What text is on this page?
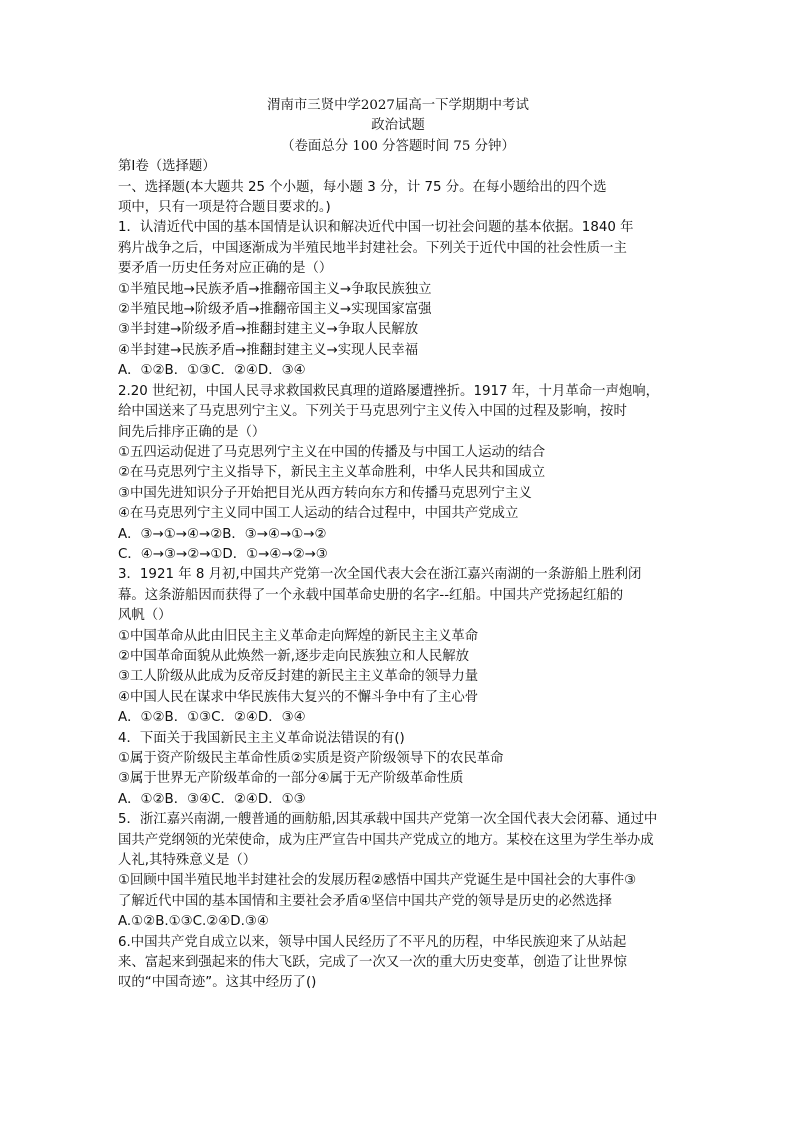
渭南市三贤中学2027届高一下学期期中考试
政治试题
（卷面总分 100 分答题时间 75 分钟）
第Ⅰ卷（选择题）
一、选择题(本大题共 25 个小题，每小题 3 分，计 75 分。在每小题给出的四个选
项中，只有一项是符合题目要求的。)
1．认清近代中国的基本国情是认识和解决近代中国一切社会问题的基本依据。1840 年
鸦片战争之后，中国逐渐成为半殖民地半封建社会。下列关于近代中国的社会性质一主
要矛盾一历史任务对应正确的是（）
①半殖民地→民族矛盾→推翻帝国主义→争取民族独立
②半殖民地→阶级矛盾→推翻帝国主义→实现国家富强
③半封建→阶级矛盾→推翻封建主义→争取人民解放
④半封建→民族矛盾→推翻封建主义→实现人民幸福
A．①②B．①③C．②④D．③④
2.20 世纪初，中国人民寻求救国救民真理的道路屡遭挫折。1917 年，十月革命一声炮响，
给中国送来了马克思列宁主义。下列关于马克思列宁主义传入中国的过程及影响，按时
间先后排序正确的是（）
①五四运动促进了马克思列宁主义在中国的传播及与中国工人运动的结合
②在马克思列宁主义指导下，新民主主义革命胜利，中华人民共和国成立
③中国先进知识分子开始把目光从西方转向东方和传播马克思列宁主义
④在马克思列宁主义同中国工人运动的结合过程中，中国共产党成立
A．③→①→④→②B．③→④→①→②
C．④→③→②→①D．①→④→②→③
3．1921 年 8 月初,中国共产党第一次全国代表大会在浙江嘉兴南湖的一条游船上胜利闭
幕。这条游船因而获得了一个永载中国革命史册的名字--红船。中国共产党扬起红船的
风帆（）
①中国革命从此由旧民主主义革命走向辉煌的新民主主义革命
②中国革命面貌从此焕然一新,逐步走向民族独立和人民解放
③工人阶级从此成为反帝反封建的新民主主义革命的领导力量
④中国人民在谋求中华民族伟大复兴的不懈斗争中有了主心骨
A．①②B．①③C．②④D．③④
4．下面关于我国新民主主义革命说法错误的有()
①属于资产阶级民主革命性质②实质是资产阶级领导下的农民革命
③属于世界无产阶级革命的一部分④属于无产阶级革命性质
A．①②B．③④C．②④D．①③
5．浙江嘉兴南湖,一艘普通的画舫船,因其承载中国共产党第一次全国代表大会闭幕、通过中
国共产党纲领的光荣使命，成为庄严宣告中国共产党成立的地方。某校在这里为学生举办成
人礼,其特殊意义是（）
①回顾中国半殖民地半封建社会的发展历程②感悟中国共产党诞生是中国社会的大事件③
了解近代中国的基本国情和主要社会矛盾④坚信中国共产党的领导是历史的必然选择
A.①②B.①③C.②④D.③④
6.中国共产党自成立以来，领导中国人民经历了不平凡的历程，中华民族迎来了从站起
来、富起来到强起来的伟大飞跃，完成了一次又一次的重大历史变革，创造了让世界惊
叹的“中国奇迹”。这其中经历了()
